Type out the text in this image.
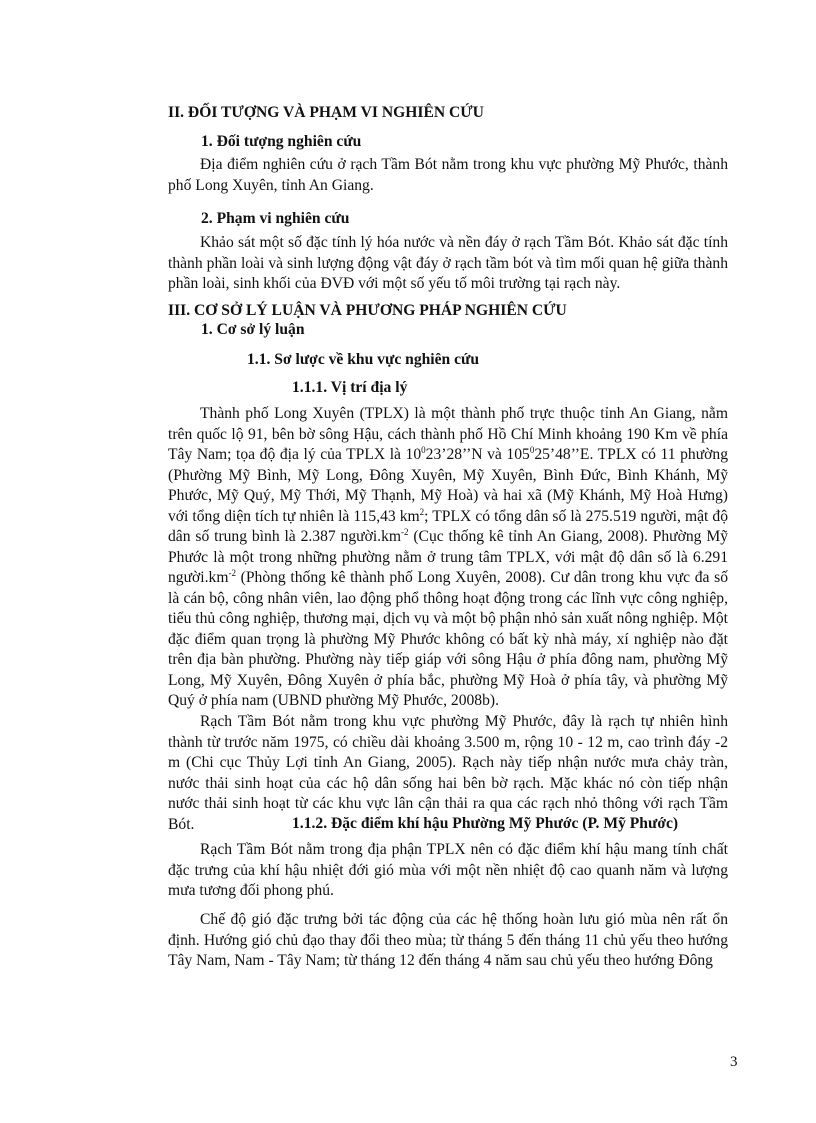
II. ĐỐI TƯỢNG VÀ PHẠM VI NGHIÊN CỨU
1. Đối tượng nghiên cứu

Địa điểm nghiên cứu ở rạch Tầm Bót nằm trong khu vực phường Mỹ Phước, thành phố Long Xuyên, tỉnh An Giang.

2. Phạm vi nghiên cứu

Khảo sát một số đặc tính lý hóa nước và nền đáy ở rạch Tầm Bót. Khảo sát đặc tính thành phần loài và sinh lượng động vật đáy ở rạch tầm bót và tìm mối quan hệ giữa thành phần loài, sinh khối của ĐVĐ với một số yếu tố môi trường tại rạch này.

III. CƠ SỞ LÝ LUẬN VÀ PHƯƠNG PHÁP NGHIÊN CỨU
1. Cơ sở lý luận
1.1. Sơ lược về khu vực nghiên cứu
1.1.1. Vị trí địa lý

Thành phố Long Xuyên (TPLX) là một thành phố trực thuộc tỉnh An Giang, nằm trên quốc lộ 91, bên bờ sông Hậu, cách thành phố Hồ Chí Minh khoảng 190 Km về phía Tây Nam; tọa độ địa lý của TPLX là $10^023’28’’N$ và $105^025’48’’E$. TPLX có 11 phường (Phường Mỹ Bình, Mỹ Long, Đông Xuyên, Mỹ Xuyên, Bình Đức, Bình Khánh, Mỹ Phước, Mỹ Quý, Mỹ Thới, Mỹ Thạnh, Mỹ Hoà) và hai xã (Mỹ Khánh, Mỹ Hoà Hưng) với tổng diện tích tự nhiên là 115,43 $km^2$; TPLX có tổng dân số là 275.519 người, mật độ dân số trung bình là 2.387 $người.km^{-2}$ (Cục thống kê tỉnh An Giang, 2008). Phường Mỹ Phước là một trong những phường nằm ở trung tâm TPLX, với mật độ dân số là 6.291 $người.km^{-2}$ (Phòng thống kê thành phố Long Xuyên, 2008). Cư dân trong khu vực đa số là cán bộ, công nhân viên, lao động phổ thông hoạt động trong các lĩnh vực công nghiệp, tiểu thủ công nghiệp, thương mại, dịch vụ và một bộ phận nhỏ sản xuất nông nghiệp. Một đặc điểm quan trọng là phường Mỹ Phước không có bất kỳ nhà máy, xí nghiệp nào đặt trên địa bàn phường. Phường này tiếp giáp với sông Hậu ở phía đông nam, phường Mỹ Long, Mỹ Xuyên, Đông Xuyên ở phía bắc, phường Mỹ Hoà ở phía tây, và phường Mỹ Quý ở phía nam (UBND phường Mỹ Phước, 2008b).

Rạch Tầm Bót nằm trong khu vực phường Mỹ Phước, đây là rạch tự nhiên hình thành từ trước năm 1975, có chiều dài khoảng 3.500 m, rộng 10 - 12 m, cao trình đáy -2 m (Chi cục Thủy Lợi tỉnh An Giang, 2005). Rạch này tiếp nhận nước mưa chảy tràn, nước thải sinh hoạt của các hộ dân sống hai bên bờ rạch. Mặc khác nó còn tiếp nhận nước thải sinh hoạt từ các khu vực lân cận thải ra qua các rạch nhỏ thông với rạch Tầm Bót.	1.1.2. Đặc điểm khí hậu Phường Mỹ Phước (P. Mỹ Phước)

Rạch Tầm Bót nằm trong địa phận TPLX nên có đặc điểm khí hậu mang tính chất đặc trưng của khí hậu nhiệt đới gió mùa với một nền nhiệt độ cao quanh năm và lượng mưa tương đối phong phú.

Chế độ gió đặc trưng bởi tác động của các hệ thống hoàn lưu gió mùa nên rất ổn định. Hướng gió chủ đạo thay đổi theo mùa; từ tháng 5 đến tháng 11 chủ yếu theo hướng Tây Nam, Nam - Tây Nam; từ tháng 12 đến tháng 4 năm sau chủ yếu theo hướng Đông

3
